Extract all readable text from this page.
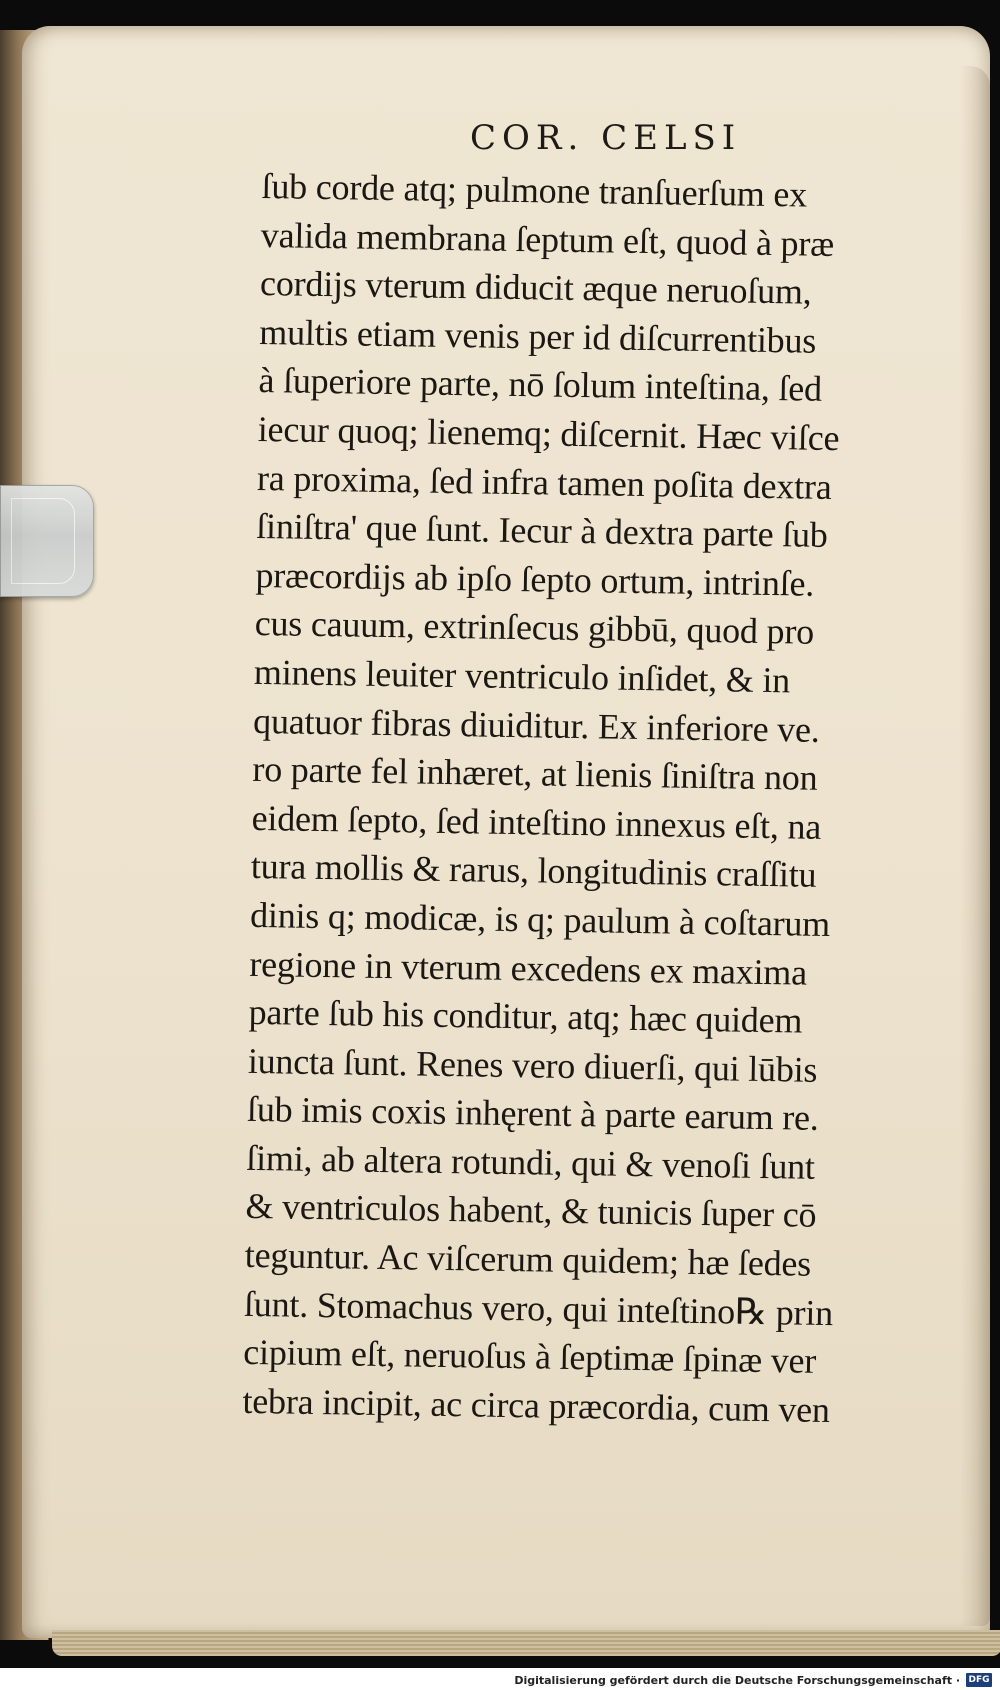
COR. CELSI
ſub corde atq; pulmone tranſuerſum ex
valida membrana ſeptum eſt, quod à præ
cordijs vterum diducit æque neruoſum,
multis etiam venis per id diſcurrentibus
à ſuperiore parte, nō ſolum inteſtina, ſed
iecur quoq; lienemq; diſcernit. Hæc viſce
ra proxima, ſed infra tamen poſita dextra
ſiniſtra' que ſunt. Iecur à dextra parte ſub
præcordijs ab ipſo ſepto ortum, intrinſe.
cus cauum, extrinſecus gibbū, quod pro
minens leuiter ventriculo inſidet, & in
quatuor fibras diuiditur. Ex inferiore ve.
ro parte fel inhæret, at lienis ſiniſtra non
eidem ſepto, ſed inteſtino innexus eſt, na
tura mollis & rarus, longitudinis craſſitu
dinis q; modicæ, is q; paulum à coſtarum
regione in vterum excedens ex maxima
parte ſub his conditur, atq; hæc quidem
iuncta ſunt. Renes vero diuerſi, qui lūbis
ſub imis coxis inhęrent à parte earum re.
ſimi, ab altera rotundi, qui & venoſi ſunt
& ventriculos habent, & tunicis ſuper cō
teguntur. Ac viſcerum quidem; hæ ſedes
ſunt. Stomachus vero, qui inteſtino℞ prin
cipium eſt, neruoſus à ſeptimæ ſpinæ ver
tebra incipit, ac circa præcordia, cum ven
Digitalisierung gefördert durch die Deutsche Forschungsgemeinschaft · DFG
